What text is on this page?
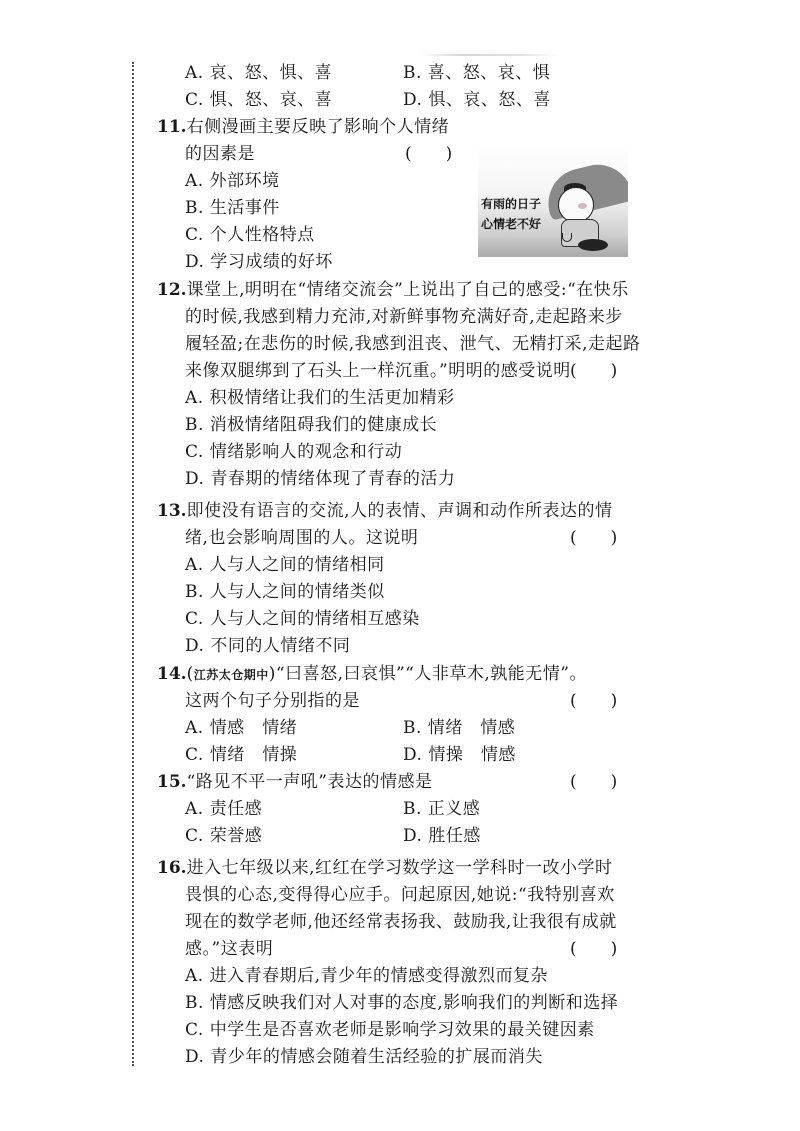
A. 哀、怒、惧、喜	B. 喜、怒、哀、惧
C. 惧、怒、哀、喜	D. 惧、哀、怒、喜
11.右侧漫画主要反映了影响个人情绪
的因素是	(　　)
A. 外部环境
B. 生活事件
C. 个人性格特点
D. 学习成绩的好坏
有雨的日子
心情老不好
12.课堂上,明明在“情绪交流会”上说出了自己的感受:“在快乐
的时候,我感到精力充沛,对新鲜事物充满好奇,走起路来步
履轻盈;在悲伤的时候,我感到沮丧、泄气、无精打采,走起路
来像双腿绑到了石头上一样沉重。”明明的感受说明 (　　)
A. 积极情绪让我们的生活更加精彩
B. 消极情绪阻碍我们的健康成长
C. 情绪影响人的观念和行动
D. 青春期的情绪体现了青春的活力
13.即使没有语言的交流,人的表情、声调和动作所表达的情
绪,也会影响周围的人。这说明	(　　)
A. 人与人之间的情绪相同
B. 人与人之间的情绪类似
C. 人与人之间的情绪相互感染
D. 不同的人情绪不同
14.(江苏太仓期中)“曰喜怒,曰哀惧”“人非草木,孰能无情”。
这两个句子分别指的是	(　　)
A. 情感　情绪	B. 情绪　情感
C. 情绪　情操	D. 情操　情感
15.“路见不平一声吼”表达的情感是	(　　)
A. 责任感	B. 正义感
C. 荣誉感	D. 胜任感
16.进入七年级以来,红红在学习数学这一学科时一改小学时
畏惧的心态,变得得心应手。问起原因,她说:“我特别喜欢
现在的数学老师,他还经常表扬我、鼓励我,让我很有成就
感。”这表明	(　　)
A. 进入青春期后,青少年的情感变得激烈而复杂
B. 情感反映我们对人对事的态度,影响我们的判断和选择
C. 中学生是否喜欢老师是影响学习效果的最关键因素
D. 青少年的情感会随着生活经验的扩展而消失
